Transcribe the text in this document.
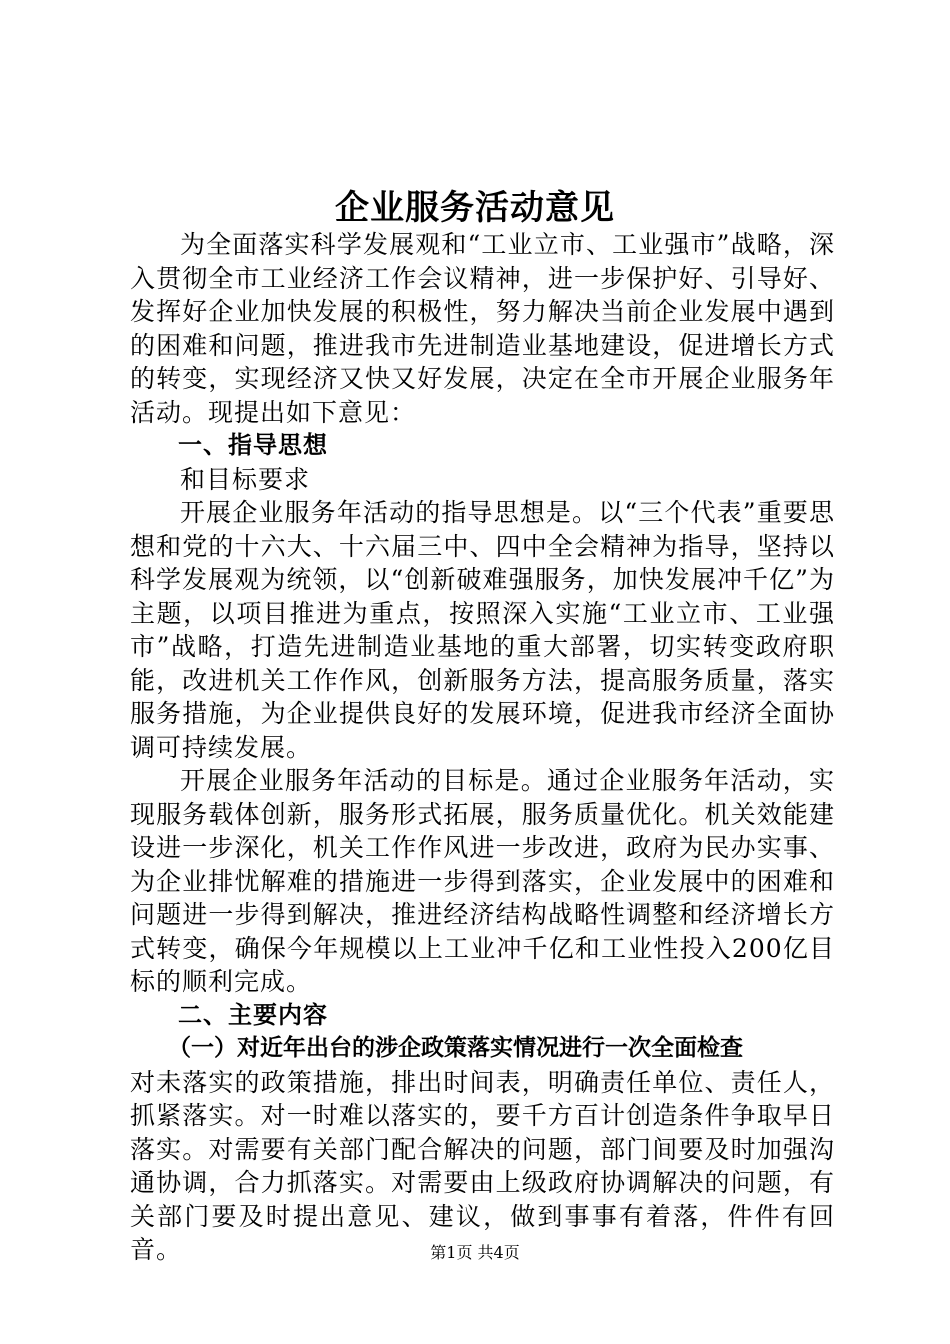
企业服务活动意见

为全面落实科学发展观和“工业立市、工业强市”战略，深入贯彻全市工业经济工作会议精神，进一步保护好、引导好、发挥好企业加快发展的积极性，努力解决当前企业发展中遇到的困难和问题，推进我市先进制造业基地建设，促进增长方式的转变，实现经济又快又好发展，决定在全市开展企业服务年活动。现提出如下意见：

一、指导思想

和目标要求

开展企业服务年活动的指导思想是。以“三个代表”重要思想和党的十六大、十六届三中、四中全会精神为指导，坚持以科学发展观为统领，以“创新破难强服务，加快发展冲千亿”为主题，以项目推进为重点，按照深入实施“工业立市、工业强市”战略，打造先进制造业基地的重大部署，切实转变政府职能，改进机关工作作风，创新服务方法，提高服务质量，落实服务措施，为企业提供良好的发展环境，促进我市经济全面协调可持续发展。

开展企业服务年活动的目标是。通过企业服务年活动，实现服务载体创新，服务形式拓展，服务质量优化。机关效能建设进一步深化，机关工作作风进一步改进，政府为民办实事、为企业排忧解难的措施进一步得到落实，企业发展中的困难和问题进一步得到解决，推进经济结构战略性调整和经济增长方式转变，确保今年规模以上工业冲千亿和工业性投入200亿目标的顺利完成。

二、主要内容
（一）对近年出台的涉企政策落实情况进行一次全面检查

对未落实的政策措施，排出时间表，明确责任单位、责任人，抓紧落实。对一时难以落实的，要千方百计创造条件争取早日落实。对需要有关部门配合解决的问题，部门间要及时加强沟通协调，合力抓落实。对需要由上级政府协调解决的问题，有关部门要及时提出意见、建议，做到事事有着落，件件有回音。	第1页 共4页
